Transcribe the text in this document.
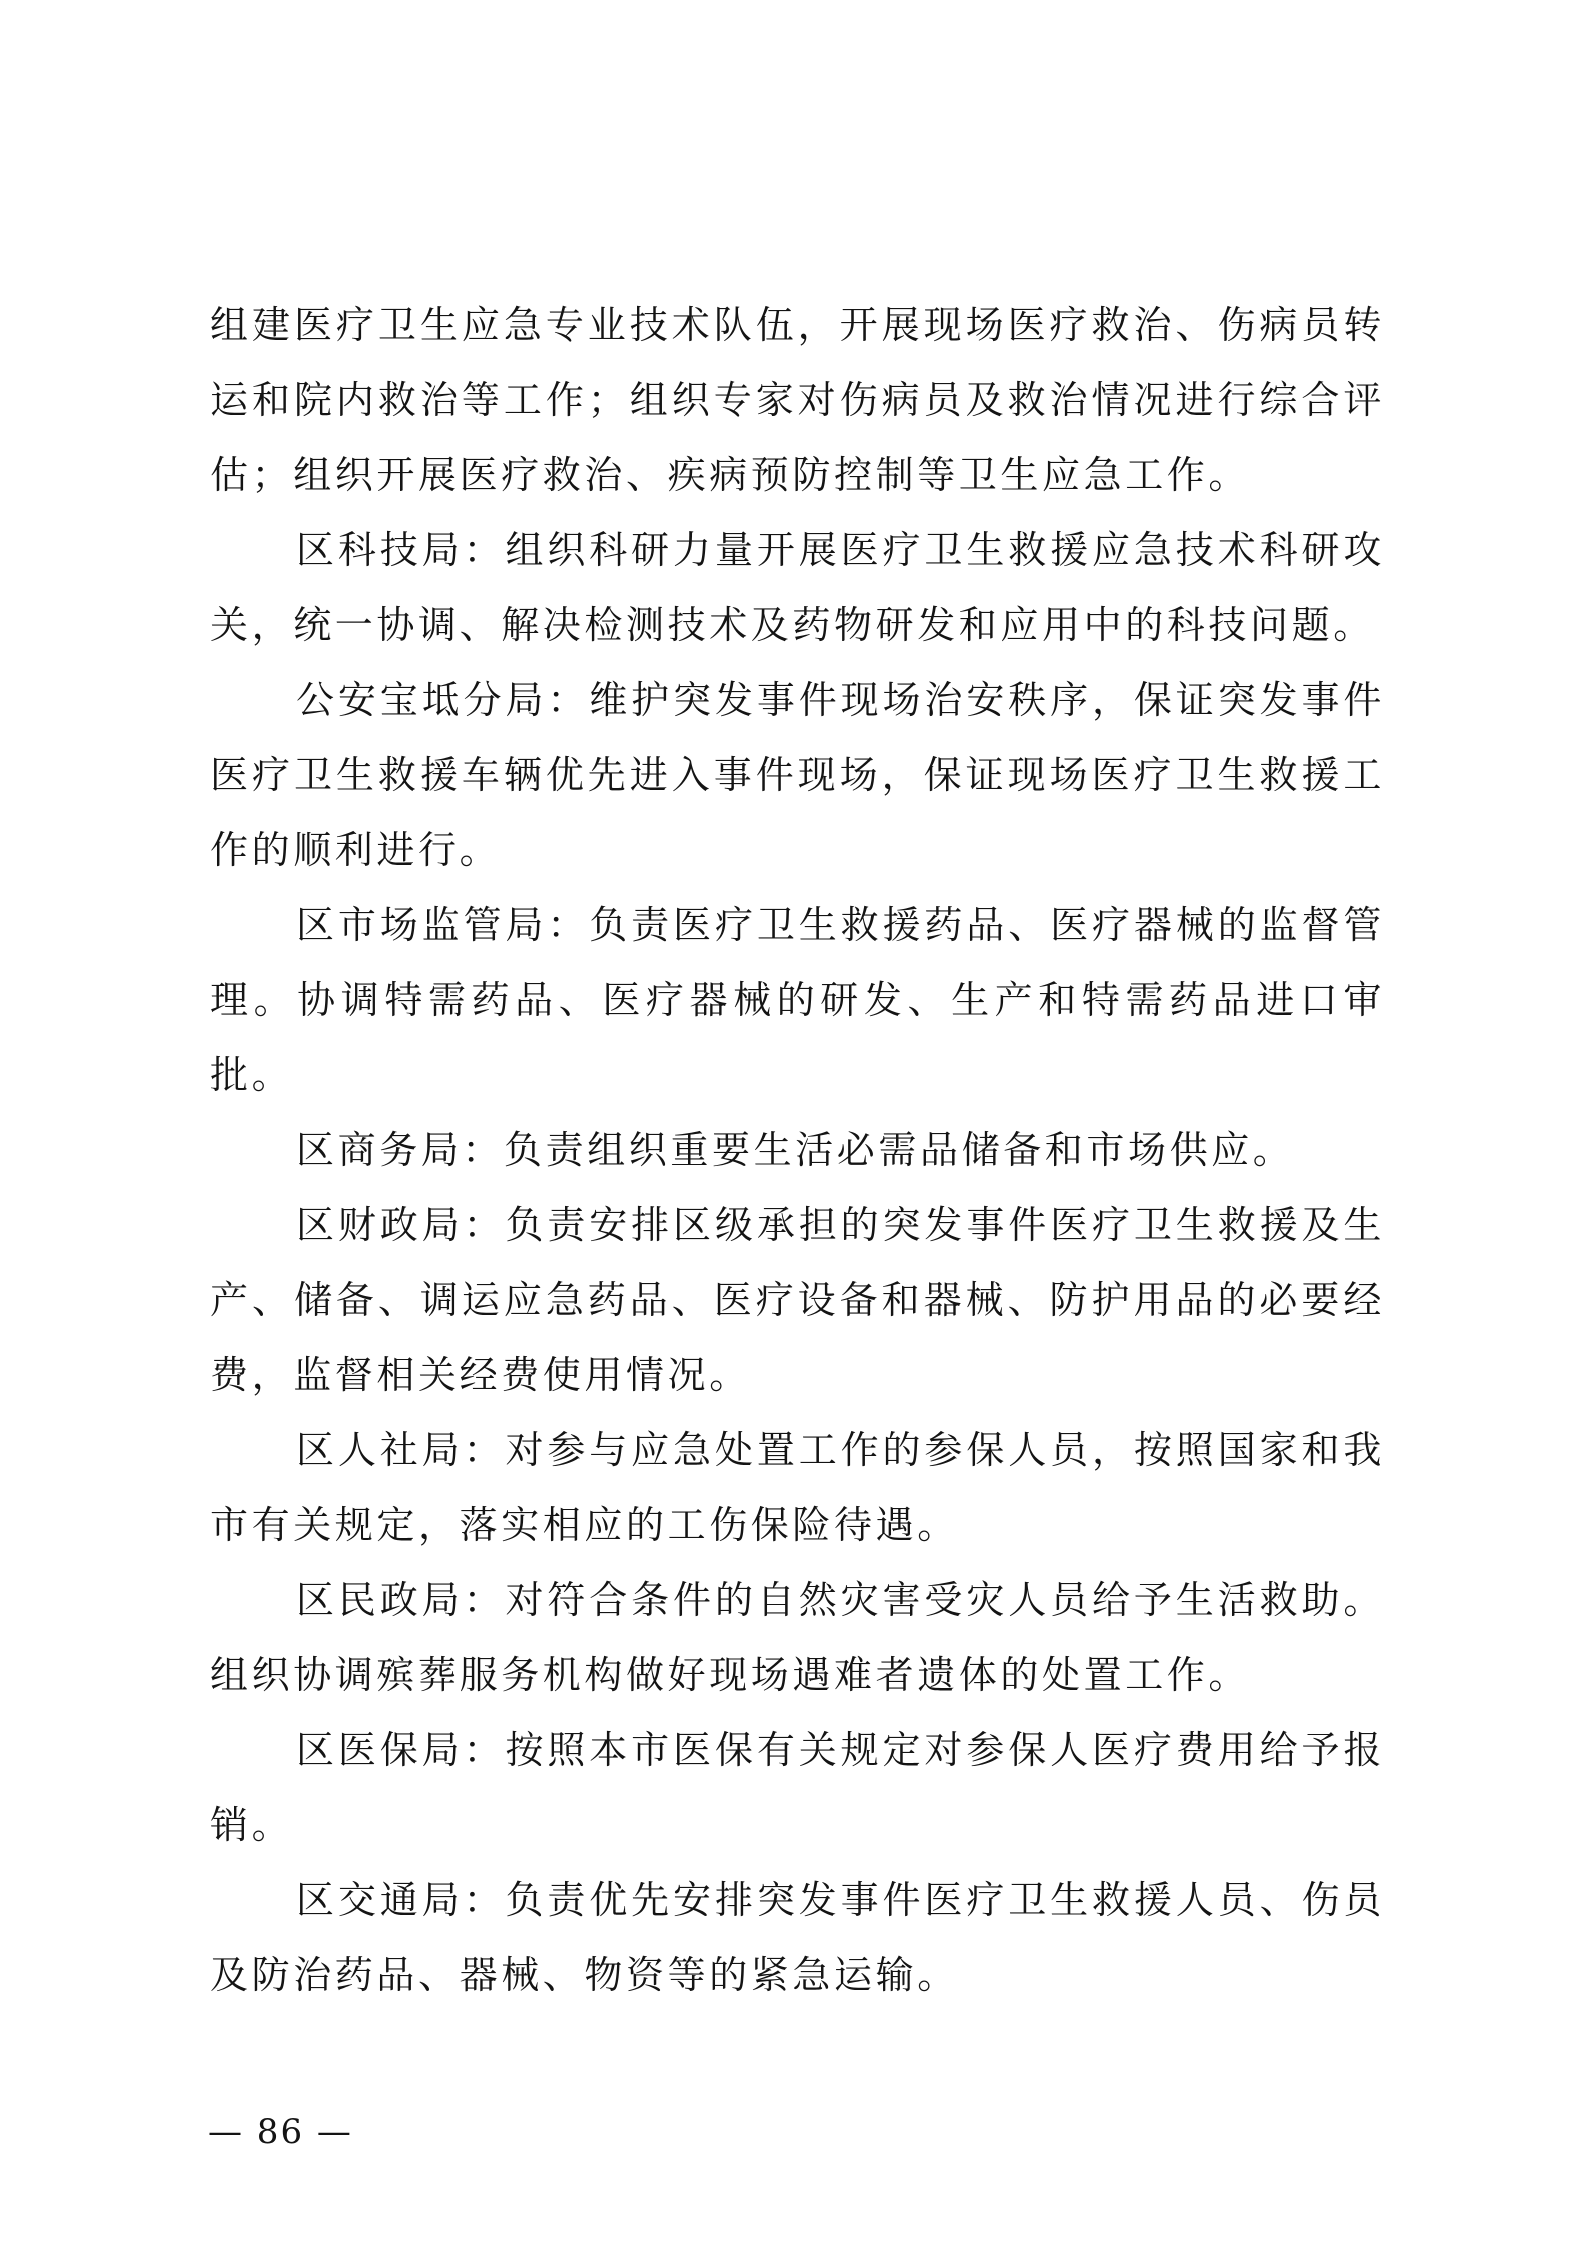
组建医疗卫生应急专业技术队伍，开展现场医疗救治、伤病员转运和院内救治等工作；组织专家对伤病员及救治情况进行综合评估；组织开展医疗救治、疾病预防控制等卫生应急工作。

区科技局：组织科研力量开展医疗卫生救援应急技术科研攻关，统一协调、解决检测技术及药物研发和应用中的科技问题。

公安宝坻分局：维护突发事件现场治安秩序，保证突发事件医疗卫生救援车辆优先进入事件现场，保证现场医疗卫生救援工作的顺利进行。

区市场监管局：负责医疗卫生救援药品、医疗器械的监督管理。协调特需药品、医疗器械的研发、生产和特需药品进口审批。

区商务局：负责组织重要生活必需品储备和市场供应。

区财政局：负责安排区级承担的突发事件医疗卫生救援及生产、储备、调运应急药品、医疗设备和器械、防护用品的必要经费，监督相关经费使用情况。

区人社局：对参与应急处置工作的参保人员，按照国家和我市有关规定，落实相应的工伤保险待遇。

区民政局：对符合条件的自然灾害受灾人员给予生活救助。组织协调殡葬服务机构做好现场遇难者遗体的处置工作。

区医保局：按照本市医保有关规定对参保人医疗费用给予报销。

区交通局：负责优先安排突发事件医疗卫生救援人员、伤员及防治药品、器械、物资等的紧急运输。

— 86 —
